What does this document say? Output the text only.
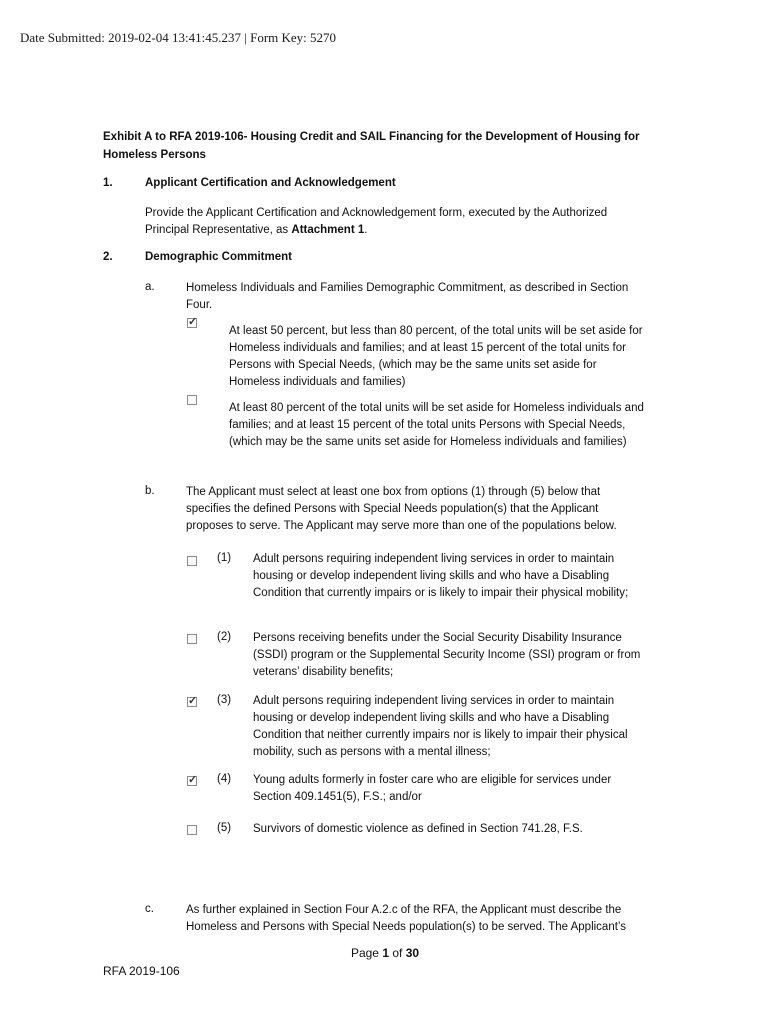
Date Submitted: 2019-02-04 13:41:45.237 | Form Key: 5270
Exhibit A to RFA 2019-106- Housing Credit and SAIL Financing for the Development of Housing for Homeless Persons
1.	Applicant Certification and Acknowledgement
Provide the Applicant Certification and Acknowledgement form, executed by the Authorized Principal Representative, as Attachment 1.
2.	Demographic Commitment
a.	Homeless Individuals and Families Demographic Commitment, as described in Section Four.
✓
At least 50 percent, but less than 80 percent, of the total units will be set aside for Homeless individuals and families; and at least 15 percent of the total units for Persons with Special Needs, (which may be the same units set aside for Homeless individuals and families)
At least 80 percent of the total units will be set aside for Homeless individuals and families; and at least 15 percent of the total units Persons with Special Needs, (which may be the same units set aside for Homeless individuals and families)
b.	The Applicant must select at least one box from options (1) through (5) below that specifies the defined Persons with Special Needs population(s) that the Applicant proposes to serve. The Applicant may serve more than one of the populations below.
(1) Adult persons requiring independent living services in order to maintain housing or develop independent living skills and who have a Disabling Condition that currently impairs or is likely to impair their physical mobility;
(2) Persons receiving benefits under the Social Security Disability Insurance (SSDI) program or the Supplemental Security Income (SSI) program or from veterans’ disability benefits;
✓
(3) Adult persons requiring independent living services in order to maintain housing or develop independent living skills and who have a Disabling Condition that neither currently impairs nor is likely to impair their physical mobility, such as persons with a mental illness;
✓
(4) Young adults formerly in foster care who are eligible for services under Section 409.1451(5), F.S.; and/or
(5) Survivors of domestic violence as defined in Section 741.28, F.S.
c.	As further explained in Section Four A.2.c of the RFA, the Applicant must describe the Homeless and Persons with Special Needs population(s) to be served. The Applicant’s
Page 1 of 30
RFA 2019-106
